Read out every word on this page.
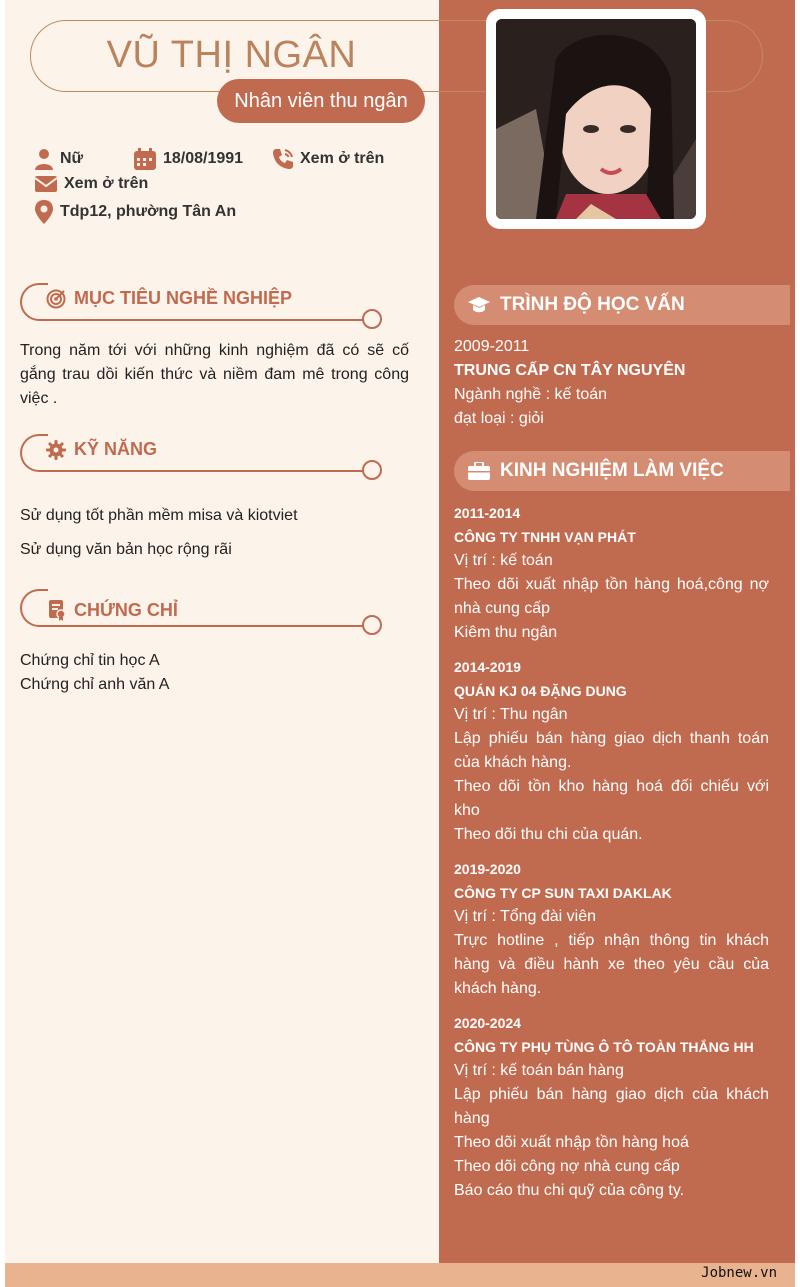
VŨ THỊ NGÂN
Nhân viên thu ngân
Nữ	18/08/1991	Xem ở trên
Xem ở trên
Tdp12, phường Tân An
MỤC TIÊU NGHỀ NGHIỆP
Trong năm tới với những kinh nghiệm đã có sẽ cố gắng trau dồi kiến thức và niềm đam mê trong công việc .
KỸ NĂNG
Sử dụng tốt phần mềm misa và kiotviet
Sử dụng văn bản học rộng rãi
CHỨNG CHỈ
Chứng chỉ tin học A
Chứng chỉ anh văn A
TRÌNH ĐỘ HỌC VẤN
2009-2011
TRUNG CẤP CN TÂY NGUYÊN
Ngành nghề : kế toán
đạt loại : giỏi
KINH NGHIỆM LÀM VIỆC
2011-2014
CÔNG TY TNHH VẠN PHÁT
Vị trí : kế toán
Theo dõi xuất nhập tồn hàng hoá,công nợ nhà cung cấp
Kiêm thu ngân
2014-2019
QUÁN KJ 04 ĐẶNG DUNG
Vị trí : Thu ngân
Lập phiếu bán hàng giao dịch thanh toán của khách hàng.
Theo dõi tồn kho hàng hoá đối chiếu với kho
Theo dõi thu chi của quán.
2019-2020
CÔNG TY CP SUN TAXI DAKLAK
Vị trí : Tổng đài viên
Trực hotline , tiếp nhận thông tin khách hàng và điều hành xe theo yêu cầu của khách hàng.
2020-2024
CÔNG TY PHỤ TÙNG Ô TÔ TOÀN THẮNG HH
Vị trí : kế toán bán hàng
Lập phiếu bán hàng giao dịch của khách hàng
Theo dõi xuất nhập tồn hàng hoá
Theo dõi công nợ nhà cung cấp
Báo cáo thu chi quỹ của công ty.
Jobnew.vn
